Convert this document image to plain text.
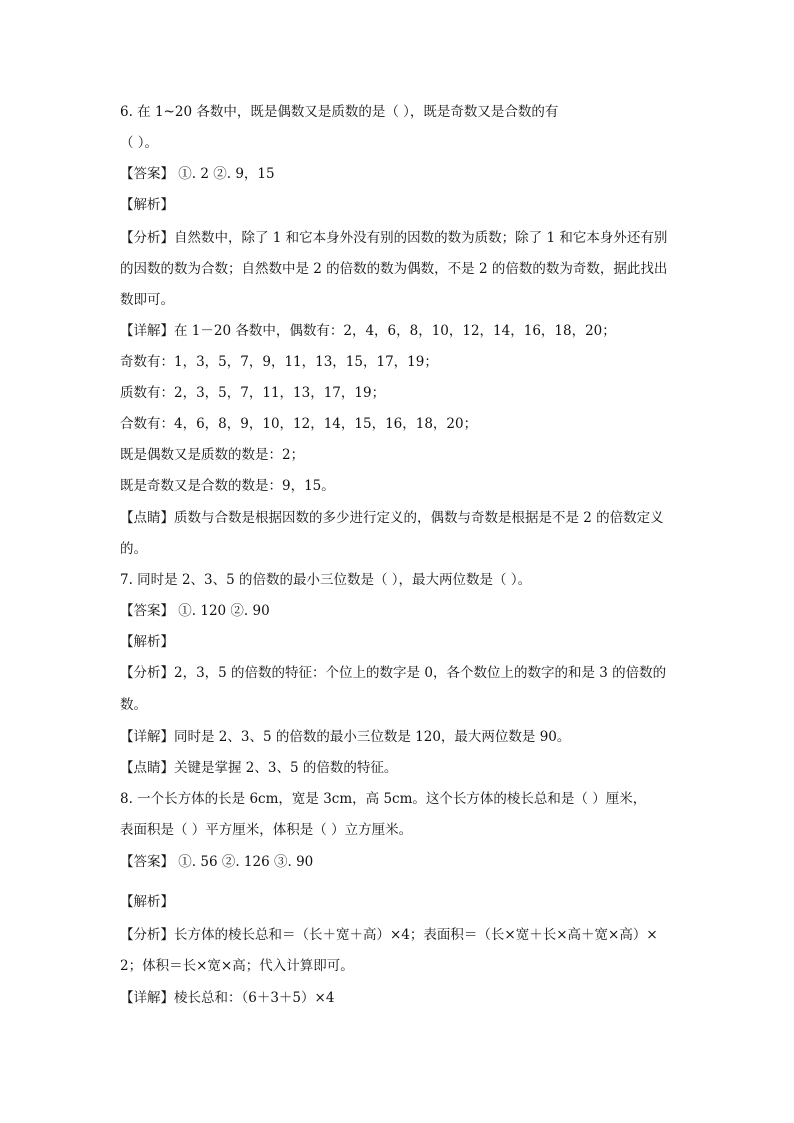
6. 在 1~20 各数中，既是偶数又是质数的是（ ），既是奇数又是合数的有
（ ）。
【答案】 ①. 2 ②. 9，15
【解析】
【分析】自然数中，除了 1 和它本身外没有别的因数的数为质数；除了 1 和它本身外还有别
的因数的数为合数；自然数中是 2 的倍数的数为偶数，不是 2 的倍数的数为奇数，据此找出
数即可。
【详解】在 1－20 各数中，偶数有：2，4，6，8，10，12，14，16，18，20；
奇数有：1，3，5，7，9，11，13，15，17，19；
质数有：2，3，5，7，11，13，17，19；
合数有：4，6，8，9，10，12，14，15，16，18，20；
既是偶数又是质数的数是：2；
既是奇数又是合数的数是：9，15。
【点睛】质数与合数是根据因数的多少进行定义的，偶数与奇数是根据是不是 2 的倍数定义
的。
7. 同时是 2、3、5 的倍数的最小三位数是（ ），最大两位数是（ ）。
【答案】 ①. 120 ②. 90
【解析】
【分析】2，3，5 的倍数的特征：个位上的数字是 0，各个数位上的数字的和是 3 的倍数的
数。
【详解】同时是 2、3、5 的倍数的最小三位数是 120，最大两位数是 90。
【点睛】关键是掌握 2、3、5 的倍数的特征。
8. 一个长方体的长是 6cm，宽是 3cm，高 5cm。这个长方体的棱长总和是（ ）厘米，
表面积是（ ）平方厘米，体积是（ ）立方厘米。
【答案】 ①. 56 ②. 126 ③. 90
【解析】
【分析】长方体的棱长总和＝（长＋宽＋高）×4；表面积＝（长×宽＋长×高＋宽×高）×
2；体积＝长×宽×高；代入计算即可。
【详解】棱长总和：（6＋3＋5）×4
